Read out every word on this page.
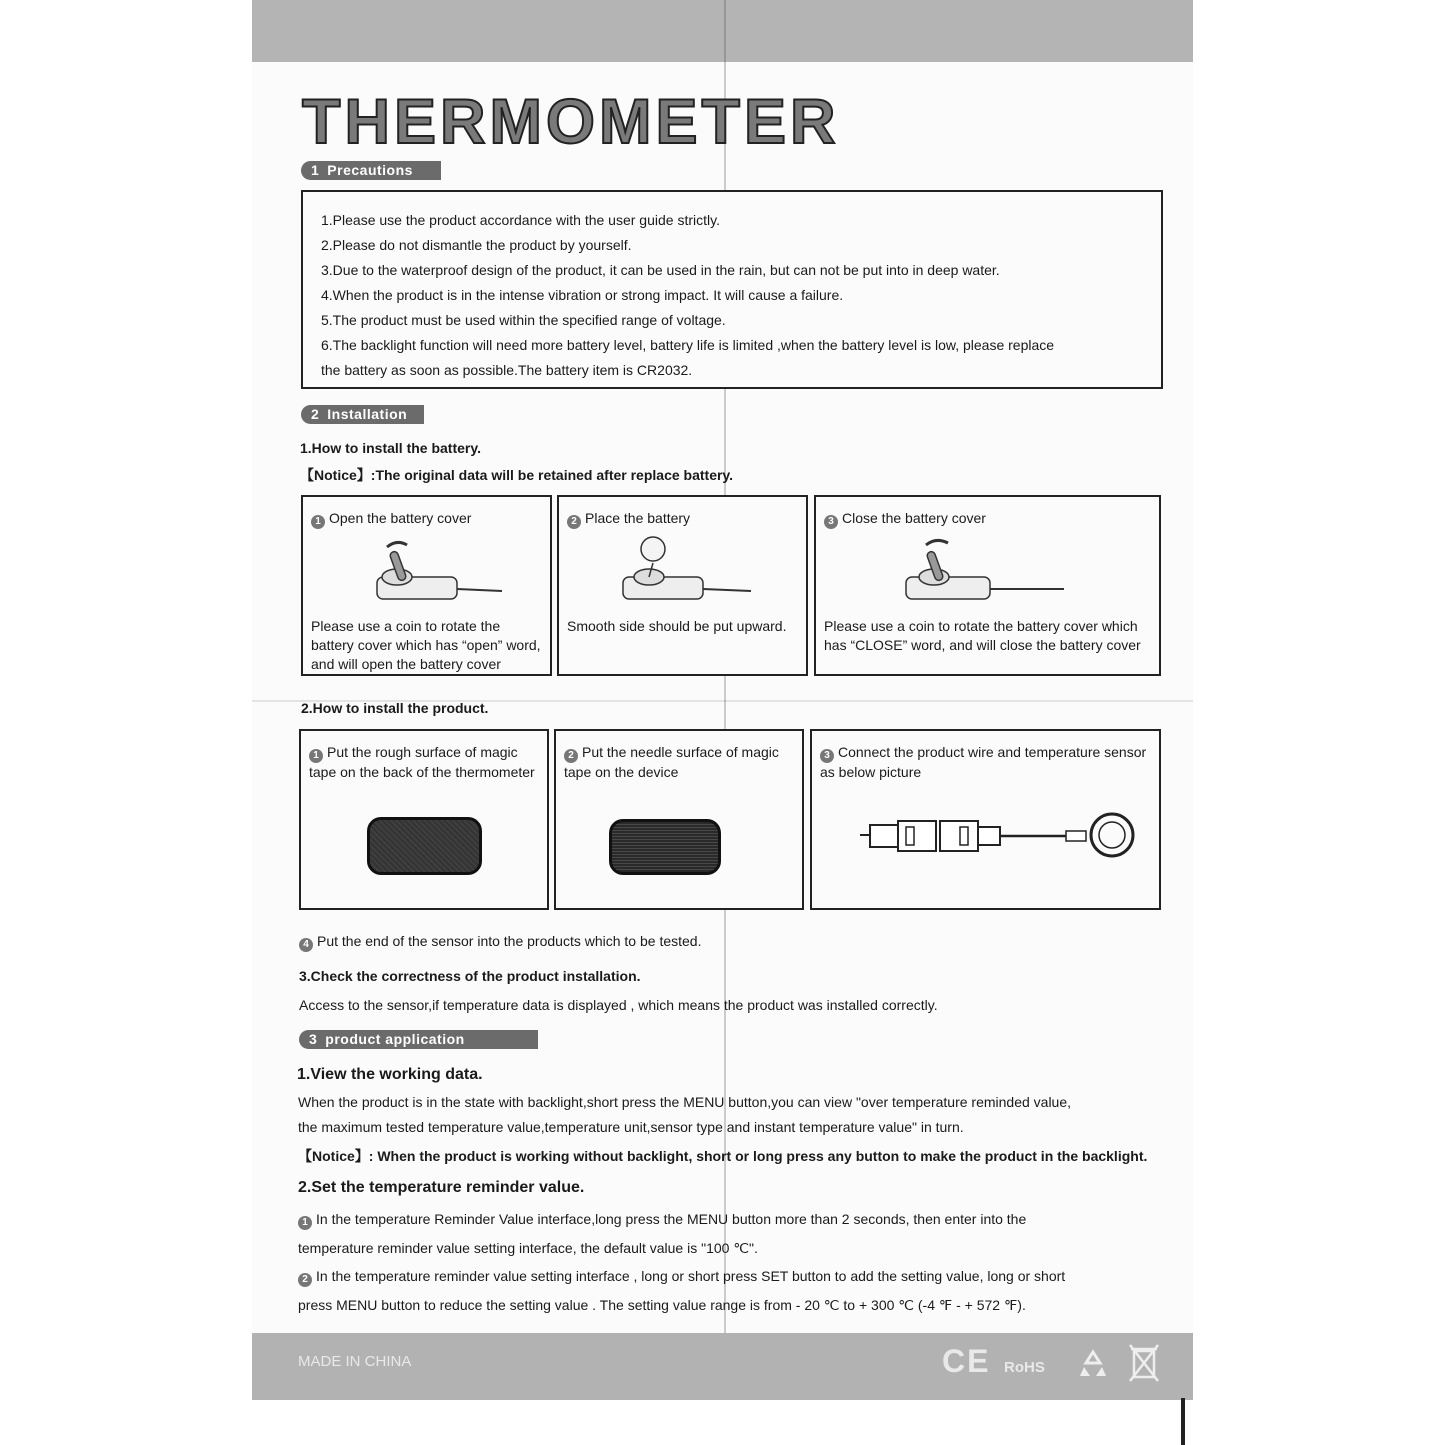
THERMOMETER
1 Precautions
1.Please use the product accordance with the user guide strictly.
2.Please do not dismantle the product by yourself.
3.Due to the waterproof design of the product, it can be used in the rain, but can not be put into in deep water.
4.When the product is in the intense vibration or strong impact. It will cause a failure.
5.The product must be used within the specified range of voltage.
6.The backlight function will need more battery level, battery life is limited ,when the battery level is low, please replace
the battery as soon as possible.The battery item is CR2032.
2 Installation
1.How to install the battery.
【Notice】:The original data will be retained after replace battery.
1 Open the battery cover
Please use a coin to rotate the battery cover which has “open” word, and will open the battery cover
2 Place the battery
Smooth side should be put upward.
3 Close the battery cover
Please use a coin to rotate the battery cover which has “CLOSE” word, and will close the battery cover
2.How to install the product.
1 Put the rough surface of magic tape on the back of the thermometer
2 Put the needle surface of magic tape on the device
3 Connect the product wire and temperature sensor as below picture
4 Put the end of the sensor into the products which to be tested.
3.Check the correctness of the product installation.
Access to the sensor,if temperature data is displayed , which means the product was installed correctly.
3 product application
1.View the working data.
When the product is in the state with backlight,short press the MENU button,you can view "over temperature reminded value,
the maximum tested temperature value,temperature unit,sensor type and instant temperature value" in turn.
【Notice】: When the product is working without backlight, short or long press any button to make the product in the backlight.
2.Set the temperature reminder value.
1 In the temperature Reminder Value interface,long press the MENU button more than 2 seconds, then enter into the
temperature reminder value setting interface, the default value is "100 ℃".
2 In the temperature reminder value setting interface , long or short press SET button to add the setting value, long or short
press MENU button to reduce the setting value . The setting value range is from - 20 ℃ to + 300 ℃ (-4 ℉ - + 572 ℉).
MADE IN CHINA	CE RoHS
